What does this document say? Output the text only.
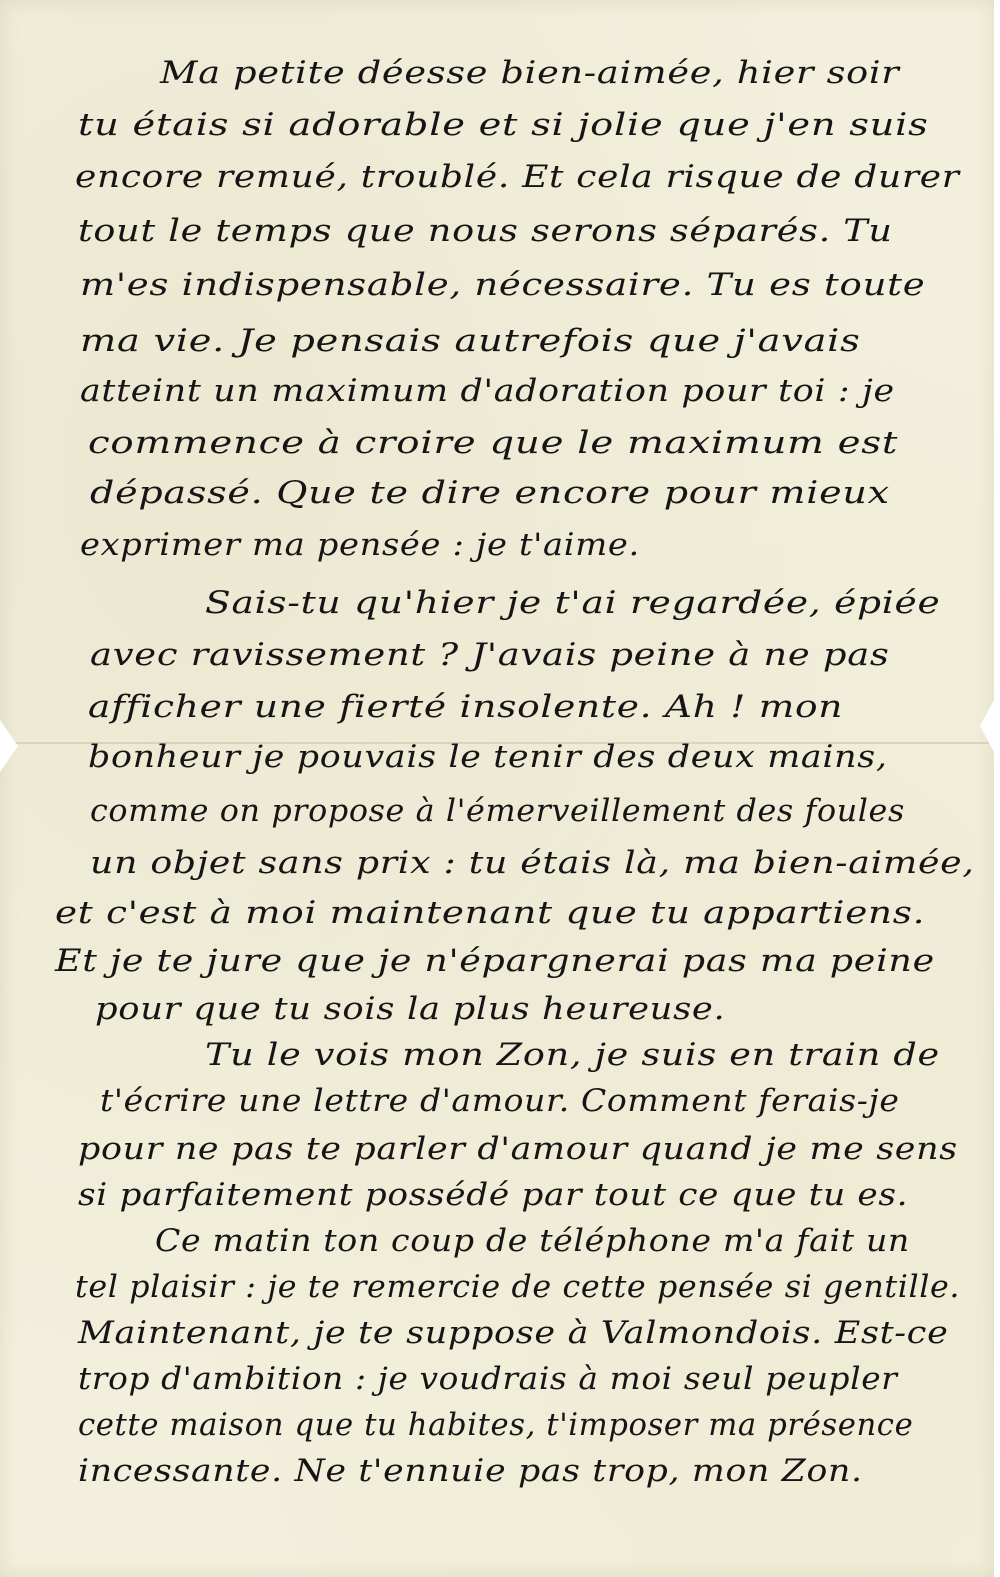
Ma petite déesse bien-aimée, hier soir

tu étais si adorable et si jolie que j'en suis

encore remué, troublé. Et cela risque de durer

tout le temps que nous serons séparés. Tu

m'es indispensable, nécessaire. Tu es toute

ma vie. Je pensais autrefois que j'avais

atteint un maximum d'adoration pour toi : je

commence à croire que le maximum est

dépassé. Que te dire encore pour mieux

exprimer ma pensée : je t'aime.

Sais-tu qu'hier je t'ai regardée, épiée

avec ravissement ? J'avais peine à ne pas

afficher une fierté insolente. Ah ! mon

bonheur je pouvais le tenir des deux mains,

comme on propose à l'émerveillement des foules

un objet sans prix : tu étais là, ma bien-aimée,

et c'est à moi maintenant que tu appartiens.

Et je te jure que je n'épargnerai pas ma peine

pour que tu sois la plus heureuse.

Tu le vois mon Zon, je suis en train de

t'écrire une lettre d'amour. Comment ferais-je

pour ne pas te parler d'amour quand je me sens

si parfaitement possédé par tout ce que tu es.

Ce matin ton coup de téléphone m'a fait un

tel plaisir : je te remercie de cette pensée si gentille.

Maintenant, je te suppose à Valmondois. Est-ce

trop d'ambition : je voudrais à moi seul peupler

cette maison que tu habites, t'imposer ma présence

incessante. Ne t'ennuie pas trop, mon Zon.
